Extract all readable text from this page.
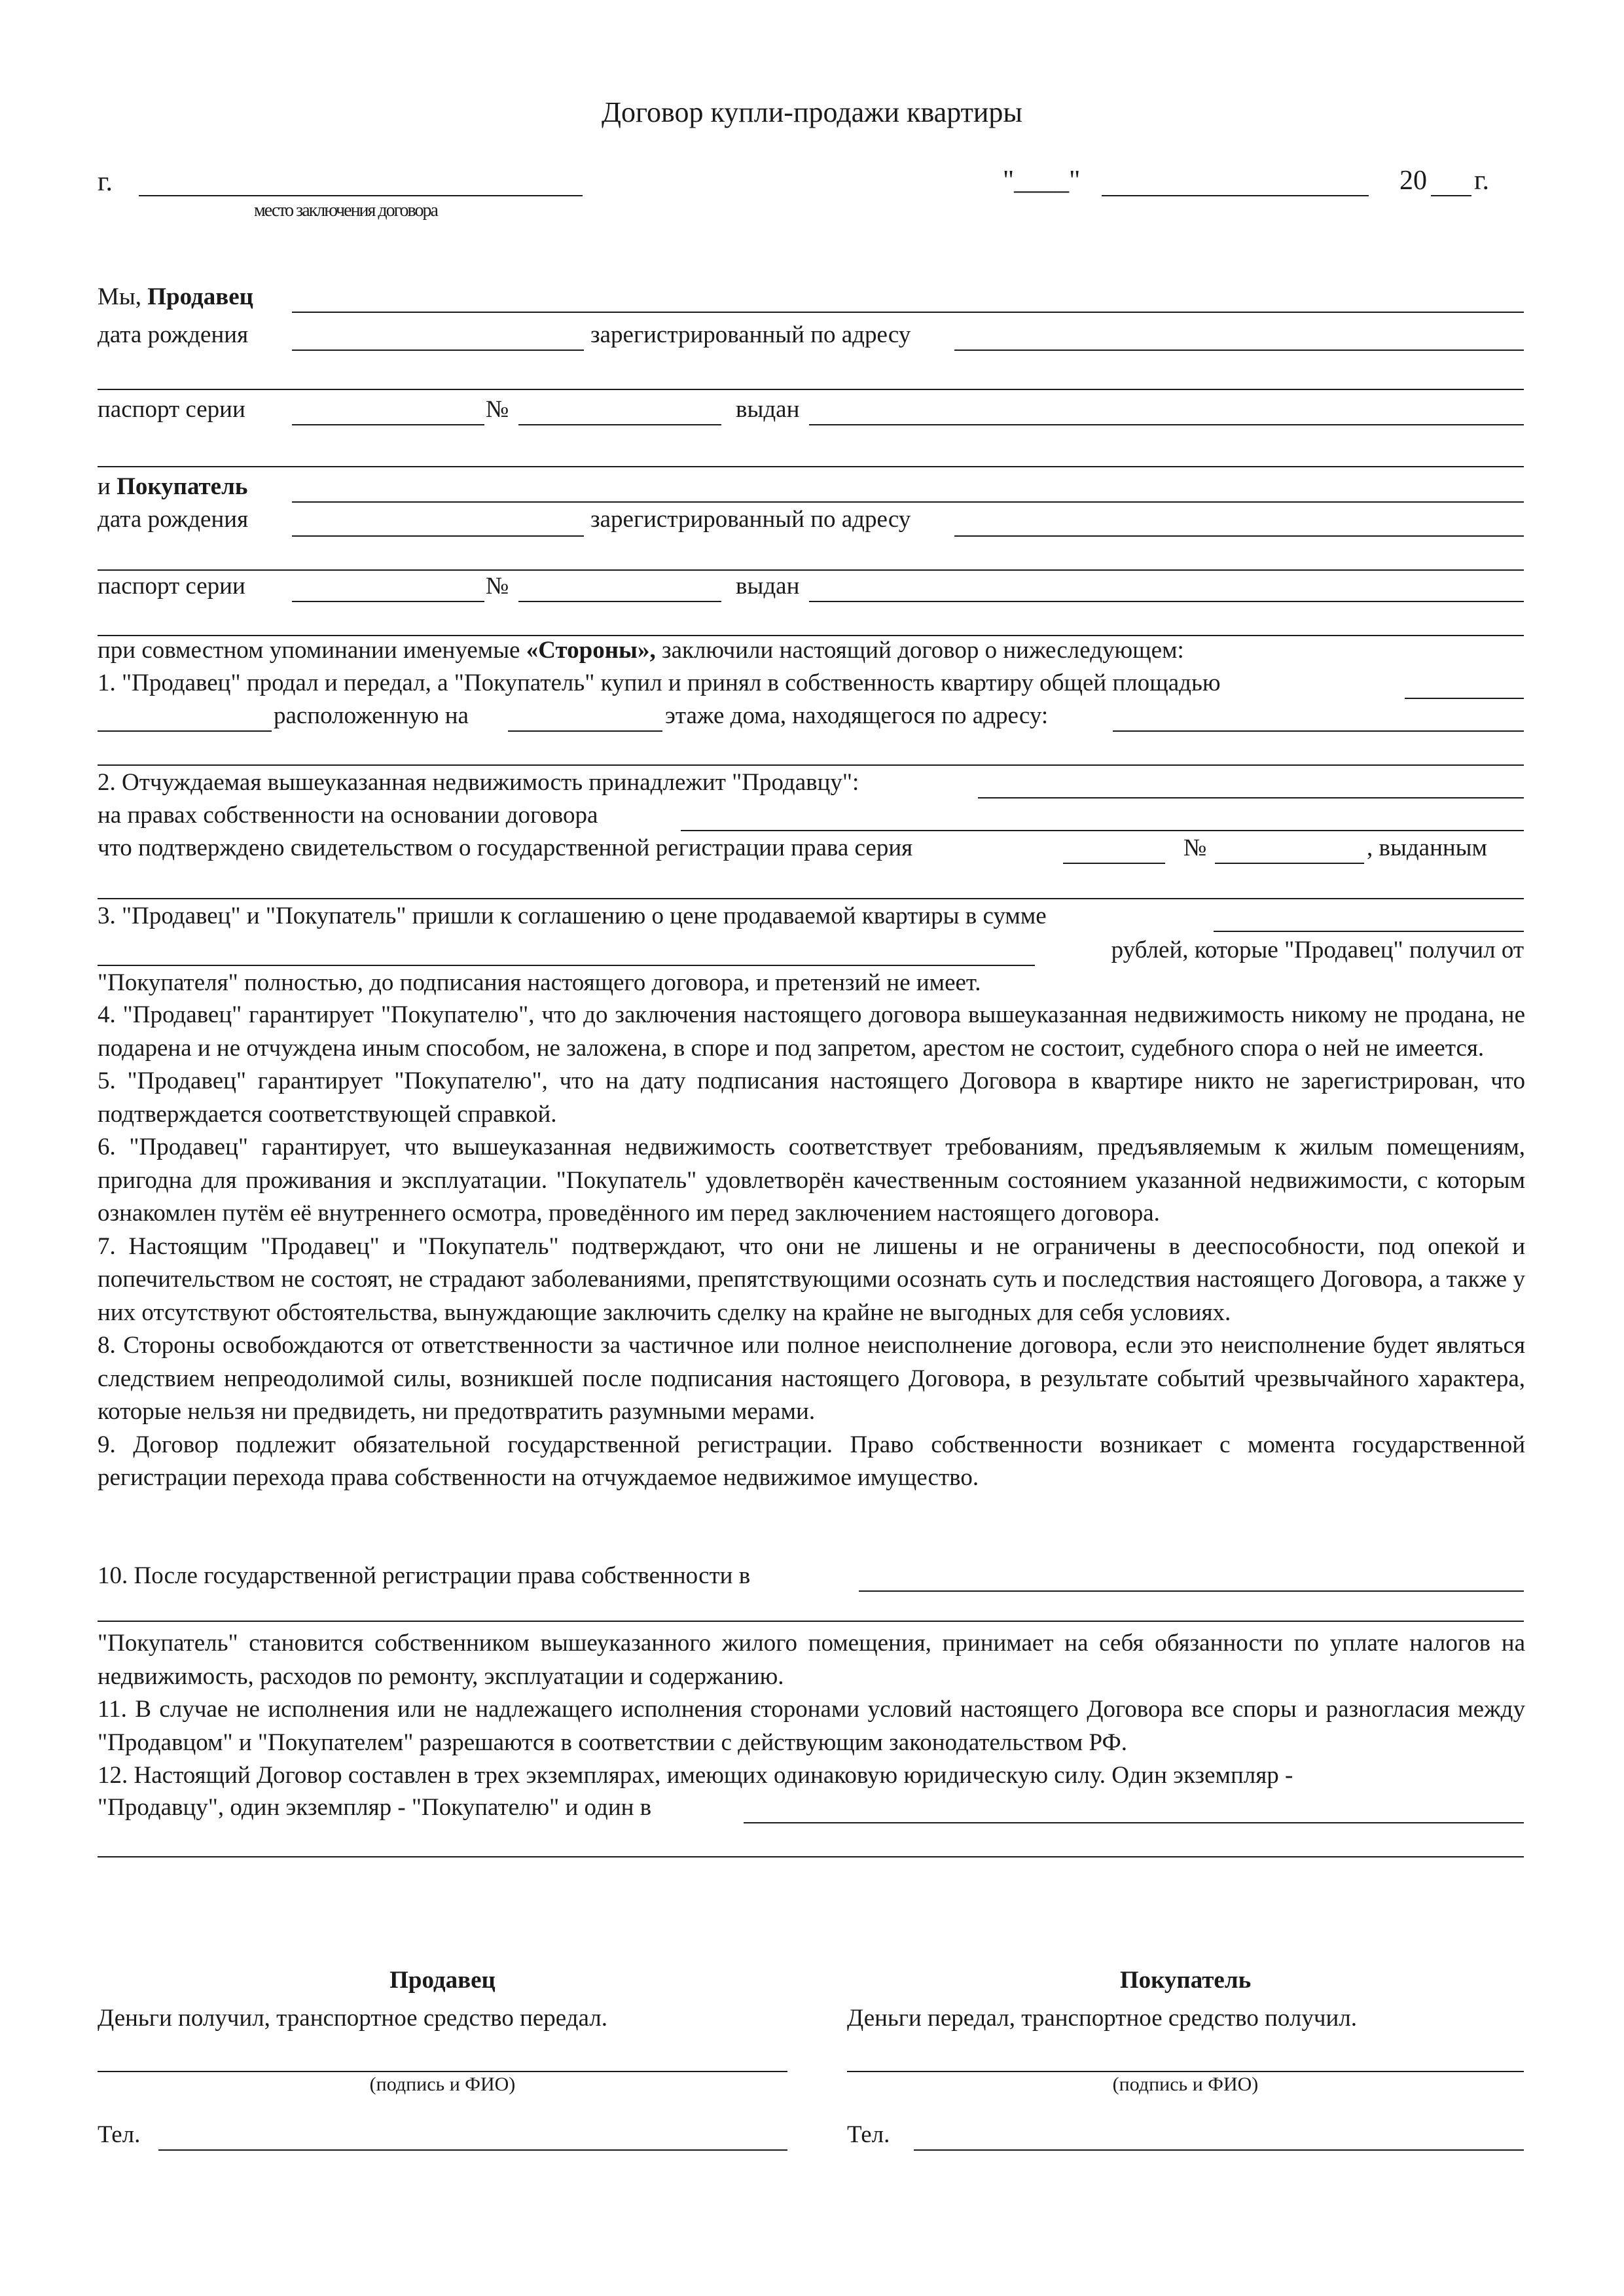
Договор купли-продажи квартиры
г.
место заключения договора
"____"	20 г.
Мы, Продавец
дата рождения	зарегистрированный по адресу
паспорт серии	№	выдан
и Покупатель
дата рождения	зарегистрированный по адресу
паспорт серии	№	выдан
при совместном упоминании именуемые «Стороны», заключили настоящий договор о нижеследующем:
1. "Продавец" продал и передал, а "Покупатель" купил и принял в собственность квартиру общей площадью
расположенную на	этаже дома, находящегося по адресу:
2. Отчуждаемая вышеуказанная недвижимость принадлежит "Продавцу":
на правах собственности на основании договора
что подтверждено свидетельством о государственной регистрации права серия	№	, выданным
3. "Продавец" и "Покупатель" пришли к соглашению о цене продаваемой квартиры в сумме
рублей, которые "Продавец" получил от
"Покупателя" полностью, до подписания настоящего договора, и претензий не имеет.
4. "Продавец" гарантирует "Покупателю", что до заключения настоящего договора вышеуказанная недвижимость никому не продана, не подарена и не отчуждена иным способом, не заложена, в споре и под запретом, арестом не состоит, судебного спора о ней не имеется.
5. "Продавец" гарантирует "Покупателю", что на дату подписания настоящего Договора в квартире никто не зарегистрирован, что подтверждается соответствующей справкой.
6. "Продавец" гарантирует, что вышеуказанная недвижимость соответствует требованиям, предъявляемым к жилым помещениям, пригодна для проживания и эксплуатации. "Покупатель" удовлетворён качественным состоянием указанной недвижимости, с которым ознакомлен путём её внутреннего осмотра, проведённого им перед заключением настоящего договора.
7. Настоящим "Продавец" и "Покупатель" подтверждают, что они не лишены и не ограничены в дееспособности, под опекой и попечительством не состоят, не страдают заболеваниями, препятствующими осознать суть и последствия настоящего Договора, а также у них отсутствуют обстоятельства, вынуждающие заключить сделку на крайне не выгодных для себя условиях.
8. Стороны освобождаются от ответственности за частичное или полное неисполнение договора, если это неисполнение будет являться следствием непреодолимой силы, возникшей после подписания настоящего Договора, в результате событий чрезвычайного характера, которые нельзя ни предвидеть, ни предотвратить разумными мерами.
9. Договор подлежит обязательной государственной регистрации. Право собственности возникает с момента государственной регистрации перехода права собственности на отчуждаемое недвижимое имущество.
10. После государственной регистрации права собственности в
"Покупатель" становится собственником вышеуказанного жилого помещения, принимает на себя обязанности по уплате налогов на недвижимость, расходов по ремонту, эксплуатации и содержанию.
11. В случае не исполнения или не надлежащего исполнения сторонами условий настоящего Договора все споры и разногласия между "Продавцом" и "Покупателем" разрешаются в соответствии с действующим законодательством РФ.
12. Настоящий Договор составлен в трех экземплярах, имеющих одинаковую юридическую силу. Один экземпляр -
"Продавцу", один экземпляр - "Покупателю" и один в
Продавец
Деньги получил, транспортное средство передал.
(подпись и ФИО)
Тел.
Покупатель
Деньги передал, транспортное средство получил.
(подпись и ФИО)
Тел.
